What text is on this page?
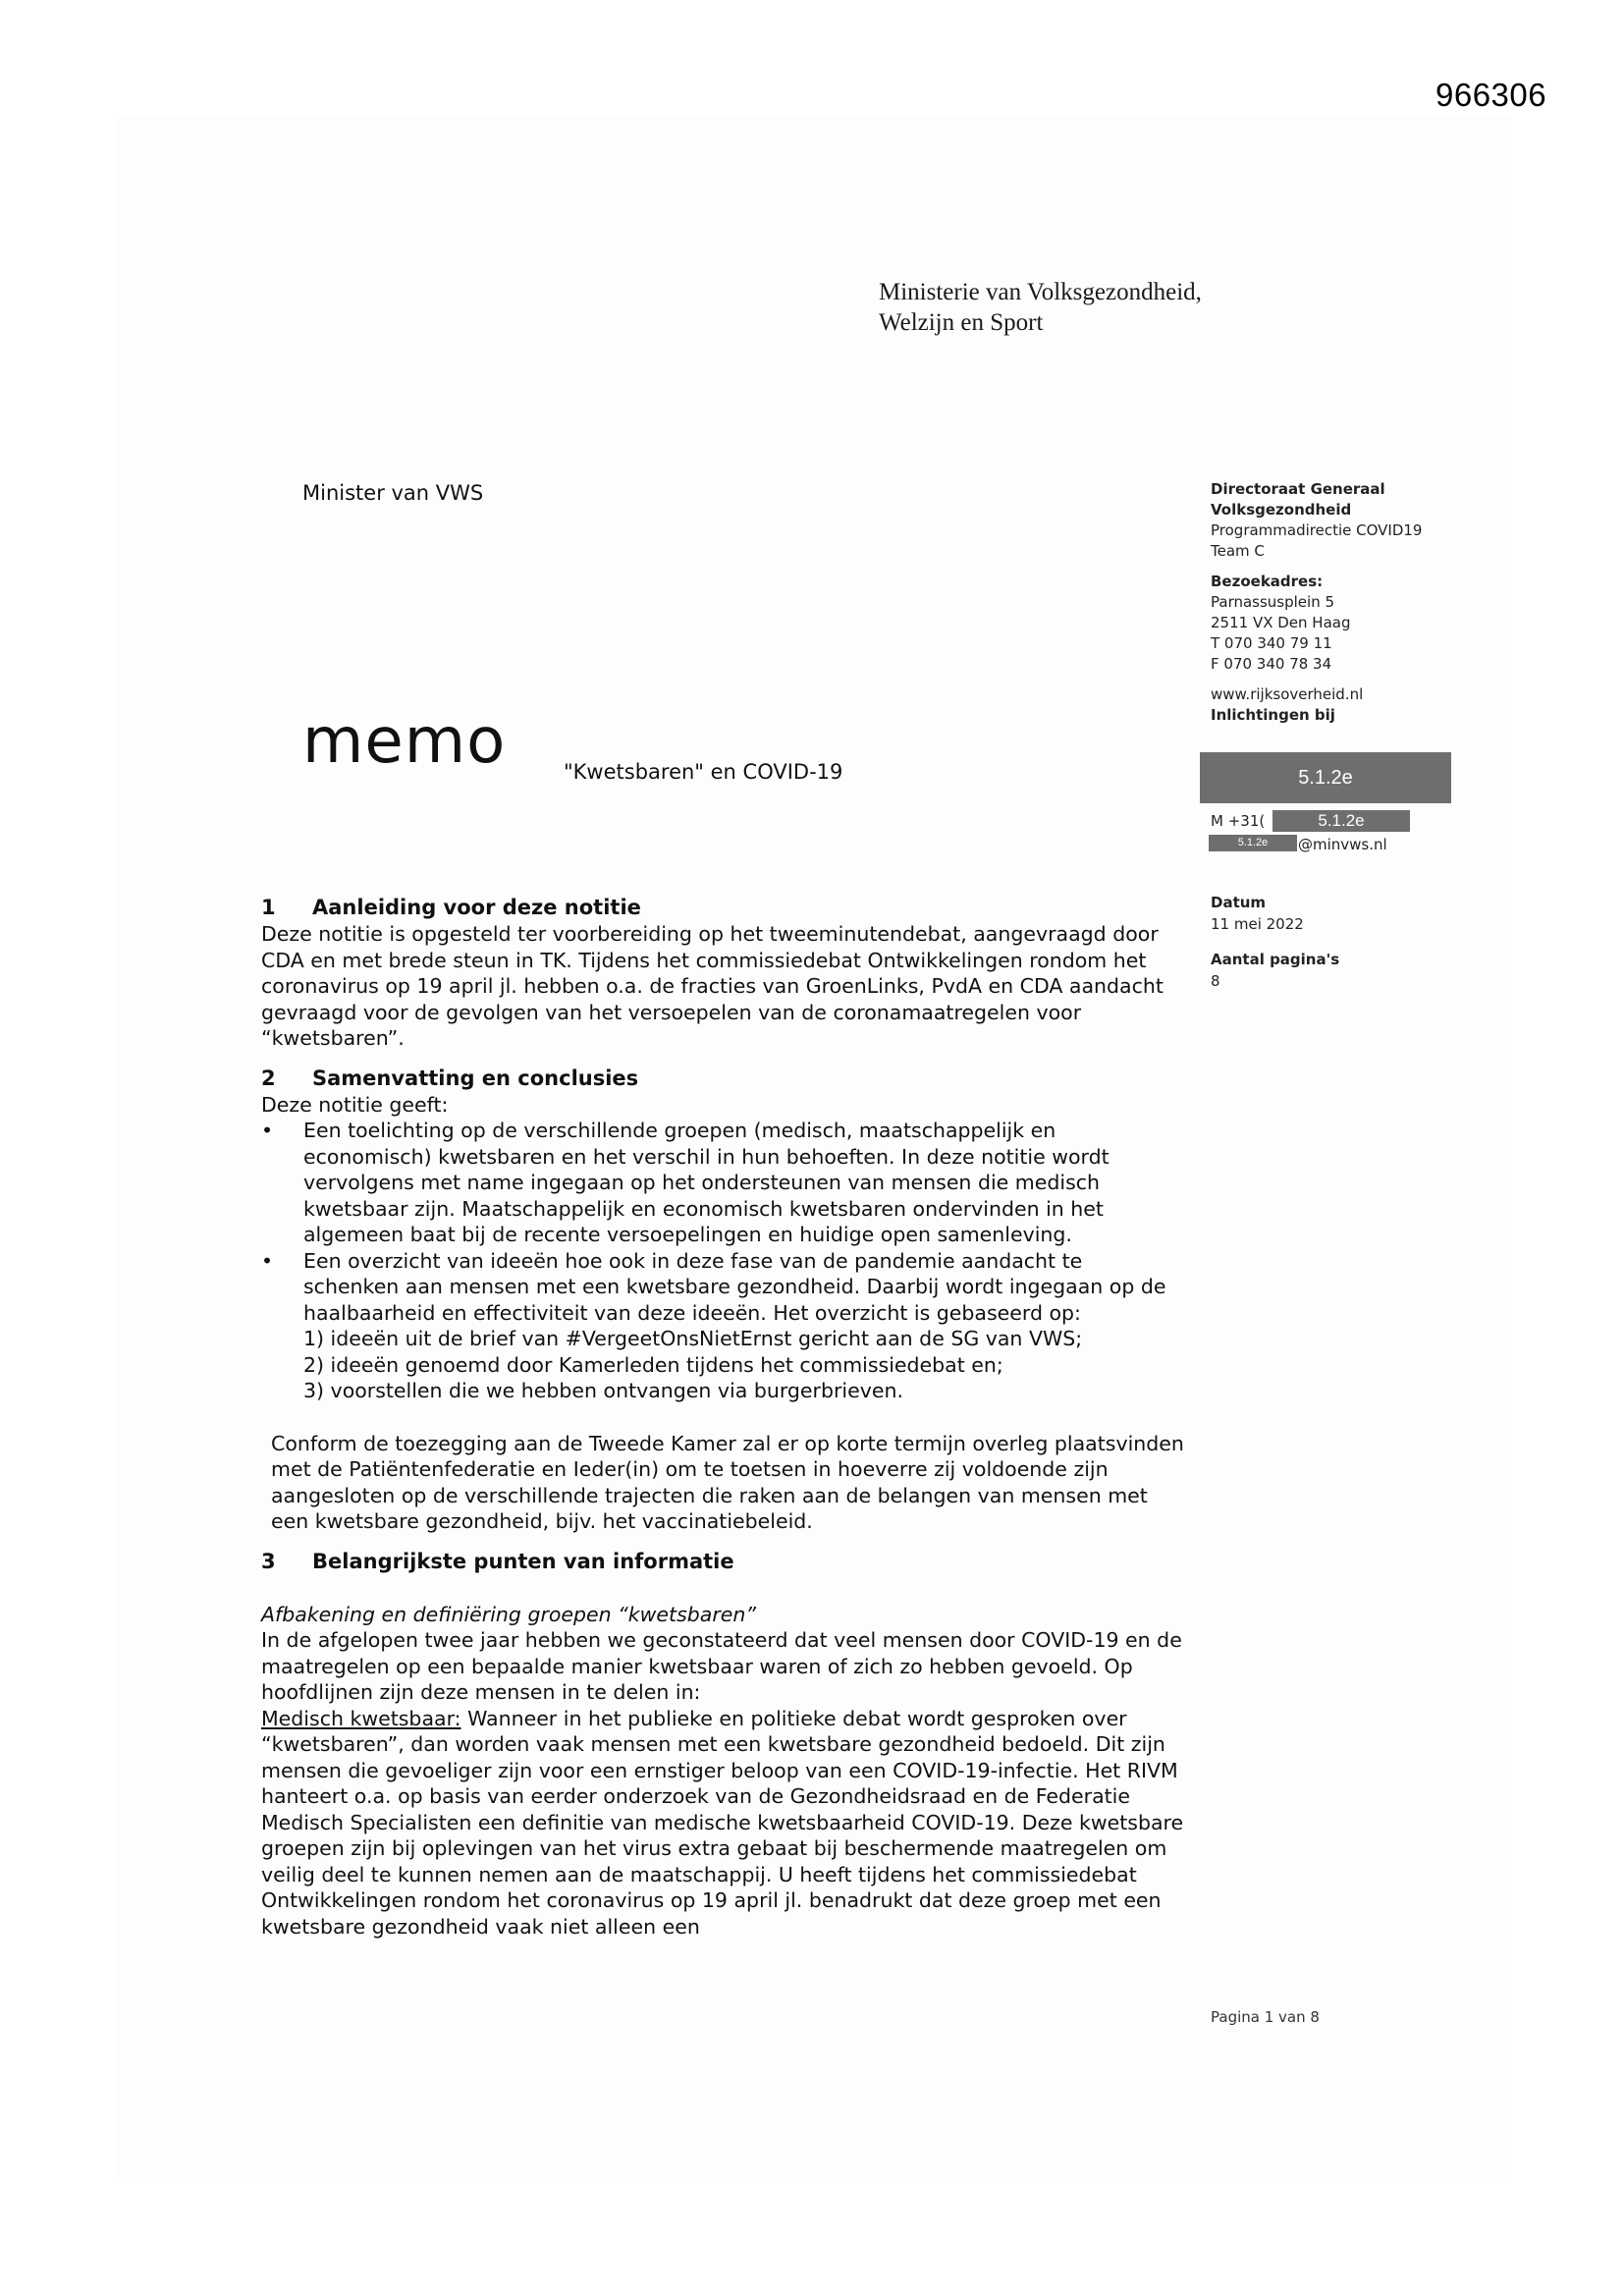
966306
Ministerie van Volksgezondheid,
Welzijn en Sport
Minister van VWS
memo	"Kwetsbaren" en COVID-19
Directoraat Generaal
Volksgezondheid
Programmadirectie COVID19
Team C
Bezoekadres:
Parnassusplein 5
2511 VX Den Haag
T 070 340 79 11
F 070 340 78 34
www.rijksoverheid.nl
Inlichtingen bij
5.1.2e
M +31(	5.1.2e
5.1.2e	@minvws.nl
Datum
11 mei 2022
Aantal pagina's
8
1 Aanleiding voor deze notitie

Deze notitie is opgesteld ter voorbereiding op het tweeminutendebat, aangevraagd door CDA en met brede steun in TK. Tijdens het commissiedebat Ontwikkelingen rondom het coronavirus op 19 april jl. hebben o.a. de fracties van GroenLinks, PvdA en CDA aandacht gevraagd voor de gevolgen van het versoepelen van de coronamaatregelen voor “kwetsbaren”.

2 Samenvatting en conclusies

Deze notitie geeft:

• Een toelichting op de verschillende groepen (medisch, maatschappelijk en economisch) kwetsbaren en het verschil in hun behoeften. In deze notitie wordt vervolgens met name ingegaan op het ondersteunen van mensen die medisch kwetsbaar zijn. Maatschappelijk en economisch kwetsbaren ondervinden in het algemeen baat bij de recente versoepelingen en huidige open samenleving.

• Een overzicht van ideeën hoe ook in deze fase van de pandemie aandacht te schenken aan mensen met een kwetsbare gezondheid. Daarbij wordt ingegaan op de haalbaarheid en effectiviteit van deze ideeën. Het overzicht is gebaseerd op:

1) ideeën uit de brief van #VergeetOnsNietErnst gericht aan de SG van VWS;

2) ideeën genoemd door Kamerleden tijdens het commissiedebat en;

3) voorstellen die we hebben ontvangen via burgerbrieven.

Conform de toezegging aan de Tweede Kamer zal er op korte termijn overleg plaatsvinden met de Patiëntenfederatie en Ieder(in) om te toetsen in hoeverre zij voldoende zijn aangesloten op de verschillende trajecten die raken aan de belangen van mensen met een kwetsbare gezondheid, bijv. het vaccinatiebeleid.

3 Belangrijkste punten van informatie

Afbakening en definiëring groepen “kwetsbaren”

In de afgelopen twee jaar hebben we geconstateerd dat veel mensen door COVID-19 en de maatregelen op een bepaalde manier kwetsbaar waren of zich zo hebben gevoeld. Op hoofdlijnen zijn deze mensen in te delen in:

Medisch kwetsbaar: Wanneer in het publieke en politieke debat wordt gesproken over “kwetsbaren”, dan worden vaak mensen met een kwetsbare gezondheid bedoeld. Dit zijn mensen die gevoeliger zijn voor een ernstiger beloop van een COVID-19-infectie. Het RIVM hanteert o.a. op basis van eerder onderzoek van de Gezondheidsraad en de Federatie Medisch Specialisten een definitie van medische kwetsbaarheid COVID-19. Deze kwetsbare groepen zijn bij oplevingen van het virus extra gebaat bij beschermende maatregelen om veilig deel te kunnen nemen aan de maatschappij. U heeft tijdens het commissiedebat Ontwikkelingen rondom het coronavirus op 19 april jl. benadrukt dat deze groep met een kwetsbare gezondheid vaak niet alleen een

Pagina 1 van 8
